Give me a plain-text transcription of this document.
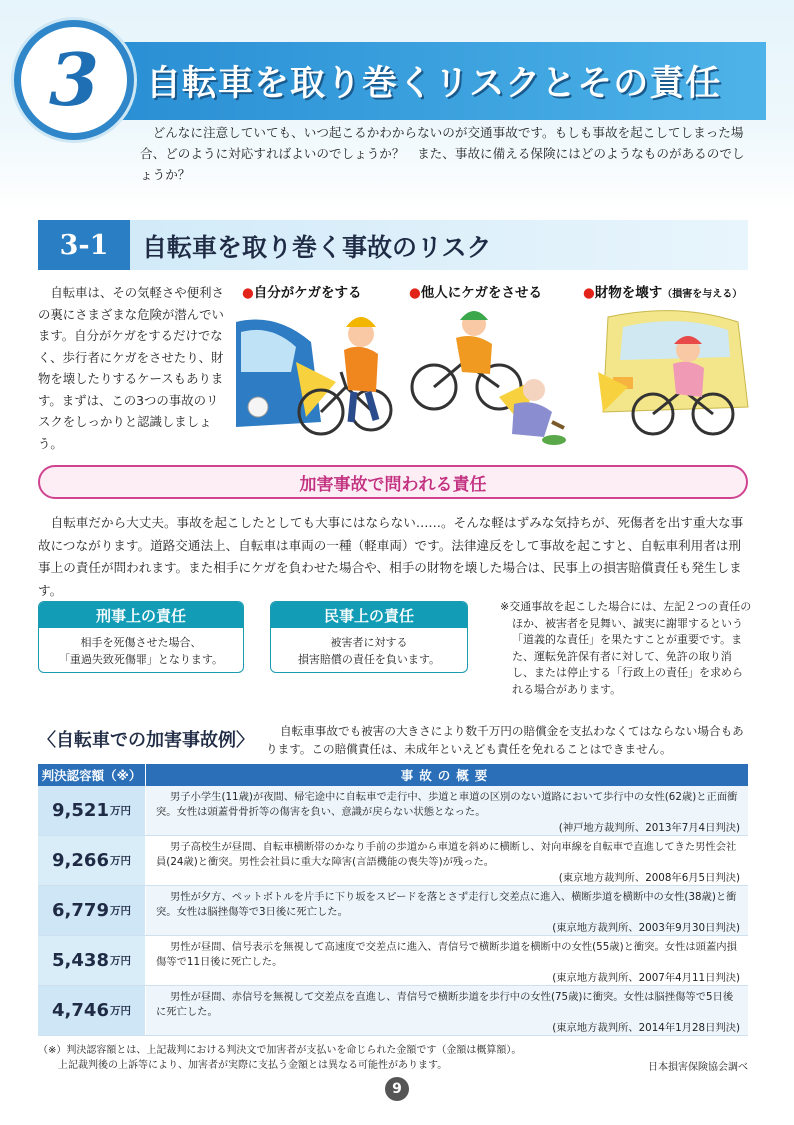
自転車を取り巻くリスクとその責任
3

　どんなに注意していても、いつ起こるかわからないのが交通事故です。もしも事故を起こしてしまった場合、どのように対応すればよいのでしょうか？　また、事故に備える保険にはどのようなものがあるのでしょうか？

3-1 自転車を取り巻く事故のリスク

　自転車は、その気軽さや便利さの裏にさまざまな危険が潜んでいます。自分がケガをするだけでなく、歩行者にケガをさせたり、財物を壊したりするケースもあります。まずは、この3つの事故のリスクをしっかりと認識しましょう。

●自分がケガをする	●他人にケガをさせる	●財物を壊す（損害を与える）
加害事故で問われる責任

　自転車だから大丈夫。事故を起こしたとしても大事にはならない……。そんな軽はずみな気持ちが、死傷者を出す重大な事故につながります。道路交通法上、自転車は車両の一種（軽車両）です。法律違反をして事故を起こすと、自転車利用者は刑事上の責任が問われます。また相手にケガを負わせた場合や、相手の財物を壊した場合は、民事上の損害賠償責任も発生します。

刑事上の責任
相手を死傷させた場合、
「重過失致死傷罪」となります。
民事上の責任
被害者に対する
損害賠償の責任を負います。

※交通事故を起こした場合には、左記２つの責任のほか、被害者を見舞い、誠実に謝罪するという「道義的な責任」を果たすことが重要です。また、運転免許保有者に対して、免許の取り消し、または停止する「行政上の責任」を求められる場合があります。

〈自転車での加害事故例〉	自転車事故でも被害の大きさにより数千万円の賠償金を支払わなくてはならない場合もあります。この賠償責任は、未成年といえども責任を免れることはできません。

判決認容額（※）	事故の概要
9,521 万円
男子小学生(11歳)が夜間、帰宅途中に自転車で走行中、歩道と車道の区別のない道路において歩行中の女性(62歳)と正面衝突。女性は頭蓋骨骨折等の傷害を負い、意識が戻らない状態となった。
(神戸地方裁判所、2013年7月4日判決)
9,266 万円
男子高校生が昼間、自転車横断帯のかなり手前の歩道から車道を斜めに横断し、対向車線を自転車で直進してきた男性会社員(24歳)と衝突。男性会社員に重大な障害(言語機能の喪失等)が残った。
(東京地方裁判所、2008年6月5日判決)
6,779 万円
男性が夕方、ペットボトルを片手に下り坂をスピードを落とさず走行し交差点に進入、横断歩道を横断中の女性(38歳)と衝突。女性は脳挫傷等で3日後に死亡した。
(東京地方裁判所、2003年9月30日判決)
5,438 万円
男性が昼間、信号表示を無視して高速度で交差点に進入、青信号で横断歩道を横断中の女性(55歳)と衝突。女性は頭蓋内損傷等で11日後に死亡した。
(東京地方裁判所、2007年4月11日判決)
4,746 万円
男性が昼間、赤信号を無視して交差点を直進し、青信号で横断歩道を歩行中の女性(75歳)に衝突。女性は脳挫傷等で5日後に死亡した。
(東京地方裁判所、2014年1月28日判決)
（※）判決認容額とは、上記裁判における判決文で加害者が支払いを命じられた金額です（金額は概算額）。
上記裁判後の上訴等により、加害者が実際に支払う金額とは異なる可能性があります。	日本損害保険協会調べ
9
